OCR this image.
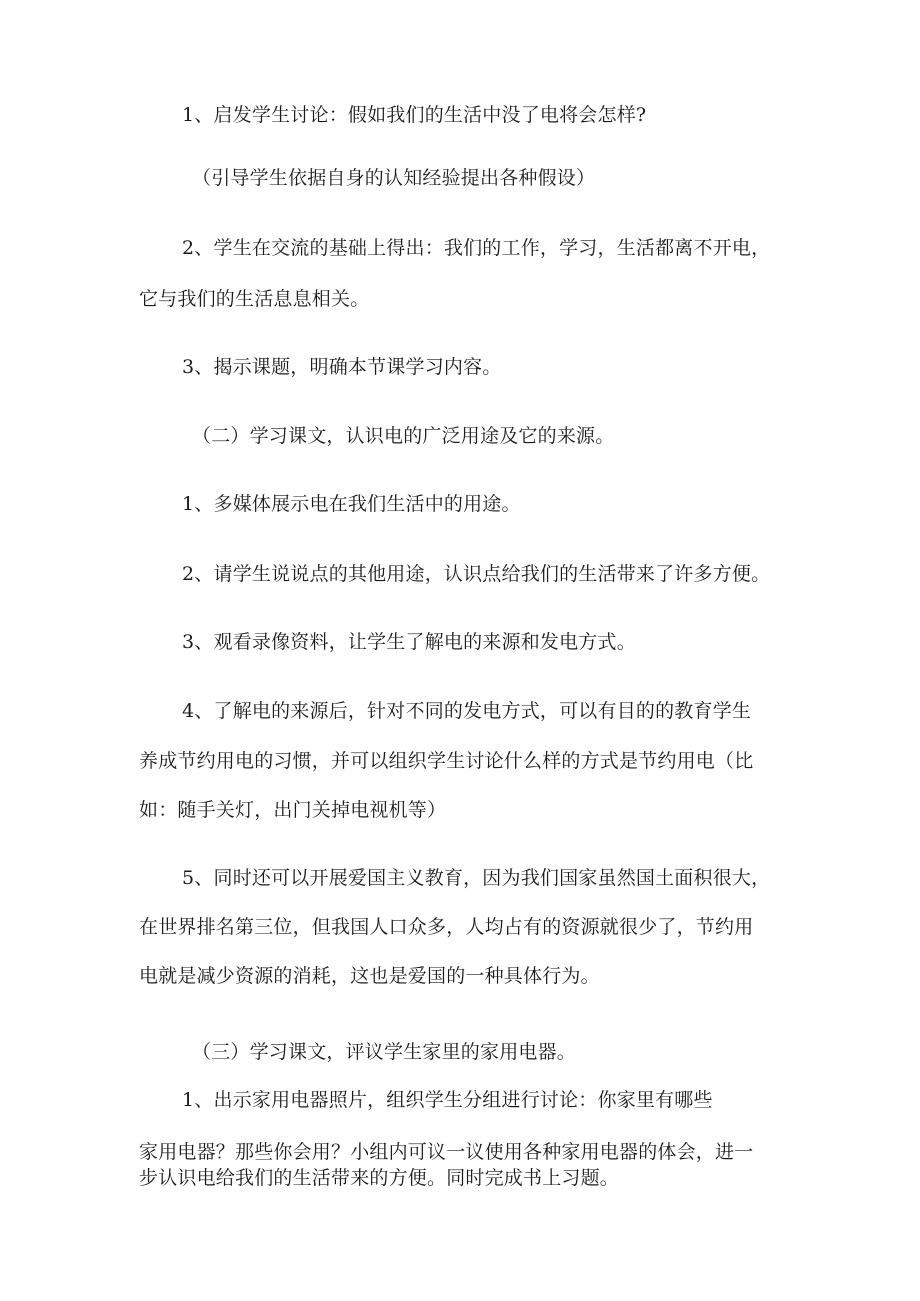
1、启发学生讨论：假如我们的生活中没了电将会怎样?
（引导学生依据自身的认知经验提出各种假设）
2、学生在交流的基础上得出：我们的工作，学习，生活都离不开电，
它与我们的生活息息相关。
3、揭示课题，明确本节课学习内容。
（二）学习课文，认识电的广泛用途及它的来源。
1、多媒体展示电在我们生活中的用途。
2、请学生说说点的其他用途，认识点给我们的生活带来了许多方便。
3、观看录像资料，让学生了解电的来源和发电方式。
4、了解电的来源后，针对不同的发电方式，可以有目的的教育学生
养成节约用电的习惯，并可以组织学生讨论什么样的方式是节约用电（比
如：随手关灯，出门关掉电视机等）
5、同时还可以开展爱国主义教育，因为我们国家虽然国土面积很大，
在世界排名第三位，但我国人口众多，人均占有的资源就很少了，节约用
电就是减少资源的消耗，这也是爱国的一种具体行为。
（三）学习课文，评议学生家里的家用电器。
1、出示家用电器照片，组织学生分组进行讨论：你家里有哪些
家用电器？那些你会用？小组内可议一议使用各种家用电器的体会，进一
步认识电给我们的生活带来的方便。同时完成书上习题。
